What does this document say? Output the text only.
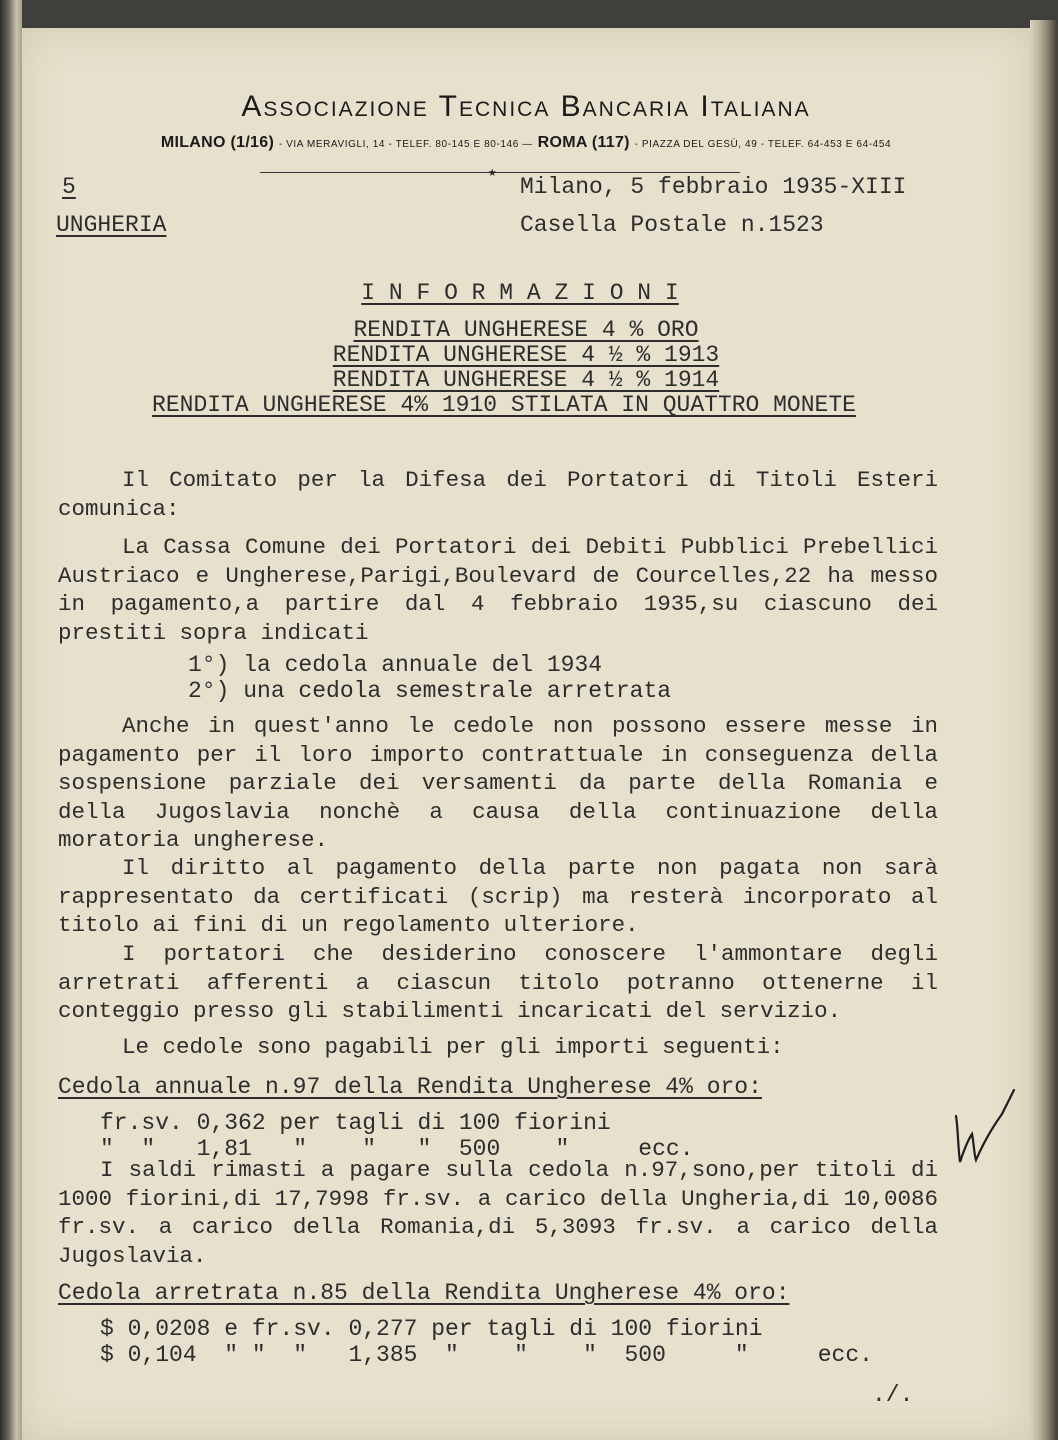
Associazione Tecnica Bancaria Italiana
MILANO (1/16) - VIA MERAVIGLI, 14 - TELEF. 80-145 E 80-146 — ROMA (117) - PIAZZA DEL GESÙ, 49 - TELEF. 64-453 E 64-454
★
5
UNGHERIA
Milano, 5 febbraio 1935-XIII
Casella Postale n.1523
I N F O R M A Z I O N I
RENDITA UNGHERESE 4 % ORO
RENDITA UNGHERESE 4 ½ % 1913
RENDITA UNGHERESE 4 ½ % 1914
RENDITA UNGHERESE 4% 1910 STILATA IN QUATTRO MONETE
Il Comitato per la Difesa dei Portatori di Titoli Esteri comunica:
La Cassa Comune dei Portatori dei Debiti Pubblici Prebellici Austriaco e Ungherese,Parigi,Boulevard de Courcelles,22 ha messo in pagamento,a partire dal 4 febbraio 1935,su ciascuno dei prestiti sopra indicati
1°) la cedola annuale del 1934
2°) una cedola semestrale arretrata
Anche in quest'anno le cedole non possono essere messe in pagamento per il loro importo contrattuale in conseguenza della sospensione parziale dei versamenti da parte della Romania e della Jugoslavia nonchè a causa della continuazione della moratoria ungherese.
Il diritto al pagamento della parte non pagata non sarà rappresentato da certificati (scrip) ma resterà incorporato al titolo ai fini di un regolamento ulteriore.
I portatori che desiderino conoscere l'ammontare degli arretrati afferenti a ciascun titolo potranno ottenerne il conteggio presso gli stabilimenti incaricati del servizio.
Le cedole sono pagabili per gli importi seguenti:
Cedola annuale n.97 della Rendita Ungherese 4% oro:
fr.sv. 0,362 per tagli di 100 fiorini
"  "   1,81   "    "   "  500    "     ecc.
I saldi rimasti a pagare sulla cedola n.97,sono,per titoli di 1000 fiorini,di 17,7998 fr.sv. a carico della Ungheria,di 10,0086 fr.sv. a carico della Romania,di 5,3093 fr.sv. a carico della Jugoslavia.
Cedola arretrata n.85 della Rendita Ungherese 4% oro:
$ 0,0208 e fr.sv. 0,277 per tagli di 100 fiorini
$ 0,104  " "  "   1,385  "    "    "  500     "     ecc.
./.
